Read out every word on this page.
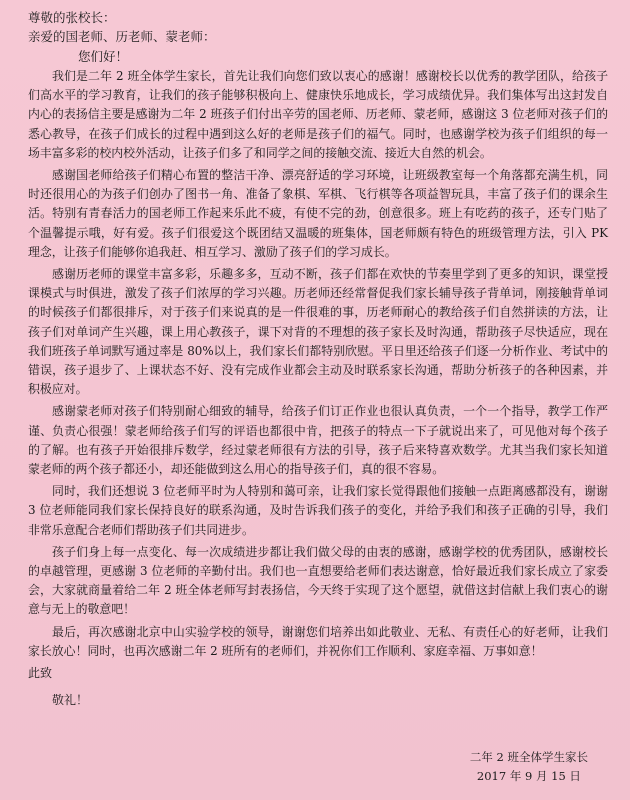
尊敬的张校长：

亲爱的国老师、历老师、蒙老师：

您们好！

我们是二年 2 班全体学生家长，首先让我们向您们致以衷心的感谢！感谢校长以优秀的教学团队，给孩子们高水平的学习教育，让我们的孩子能够积极向上、健康快乐地成长，学习成绩优异。我们集体写出这封发自内心的表扬信主要是感谢为二年 2 班孩子们付出辛劳的国老师、历老师、蒙老师，感谢这 3 位老师对孩子们的悉心教导，在孩子们成长的过程中遇到这么好的老师是孩子们的福气。同时，也感谢学校为孩子们组织的每一场丰富多彩的校内校外活动，让孩子们多了和同学之间的接触交流、接近大自然的机会。

感谢国老师给孩子们精心布置的整洁干净、漂亮舒适的学习环境，让班级教室每一个角落都充满生机，同时还很用心的为孩子们创办了图书一角、准备了象棋、军棋、飞行棋等各项益智玩具，丰富了孩子们的课余生活。特别有青春活力的国老师工作起来乐此不疲，有使不完的劲，创意很多。班上有吃药的孩子，还专门贴了个温馨提示哦，好有爱。孩子们很爱这个既团结又温暖的班集体，国老师颇有特色的班级管理方法，引入 PK 理念，让孩子们能够你追我赶、相互学习、激励了孩子们的学习成长。

感谢历老师的课堂丰富多彩，乐趣多多，互动不断，孩子们都在欢快的节奏里学到了更多的知识，课堂授课模式与时俱进，激发了孩子们浓厚的学习兴趣。历老师还经常督促我们家长辅导孩子背单词，刚接触背单词的时候孩子们都很排斥，对于孩子们来说真的是一件很难的事，历老师耐心的教给孩子们自然拼读的方法，让孩子们对单词产生兴趣，课上用心教孩子，课下对背的不理想的孩子家长及时沟通，帮助孩子尽快适应，现在我们班孩子单词默写通过率是 80%以上，我们家长们都特别欣慰。平日里还给孩子们逐一分析作业、考试中的错误，孩子退步了、上课状态不好、没有完成作业都会主动及时联系家长沟通，帮助分析孩子的各种因素，并积极应对。

感谢蒙老师对孩子们特别耐心细致的辅导，给孩子们订正作业也很认真负责，一个一个指导，教学工作严谨、负责心很强！蒙老师给孩子们写的评语也都很中肯，把孩子的特点一下子就说出来了，可见他对每个孩子的了解。也有孩子开始很排斥数学，经过蒙老师很有方法的引导，孩子后来特喜欢数学。尤其当我们家长知道蒙老师的两个孩子都还小，却还能做到这么用心的指导孩子们，真的很不容易。

同时，我们还想说 3 位老师平时为人特别和蔼可亲，让我们家长觉得跟他们接触一点距离感都没有，谢谢 3 位老师能同我们家长保持良好的联系沟通，及时告诉我们孩子的变化，并给予我们和孩子正确的引导，我们非常乐意配合老师们帮助孩子们共同进步。

孩子们身上每一点变化、每一次成绩进步都让我们做父母的由衷的感谢，感谢学校的优秀团队，感谢校长的卓越管理，更感谢 3 位老师的辛勤付出。我们也一直想要给老师们表达谢意，恰好最近我们家长成立了家委会，大家就商量着给二年 2 班全体老师写封表扬信，今天终于实现了这个愿望，就借这封信献上我们衷心的谢意与无上的敬意吧！

最后，再次感谢北京中山实验学校的领导，谢谢您们培养出如此敬业、无私、有责任心的好老师，让我们家长放心！同时，也再次感谢二年 2 班所有的老师们，并祝你们工作顺利、家庭幸福、万事如意！

此致

敬礼！

二年 2 班全体学生家长
2017 年 9 月 15 日
